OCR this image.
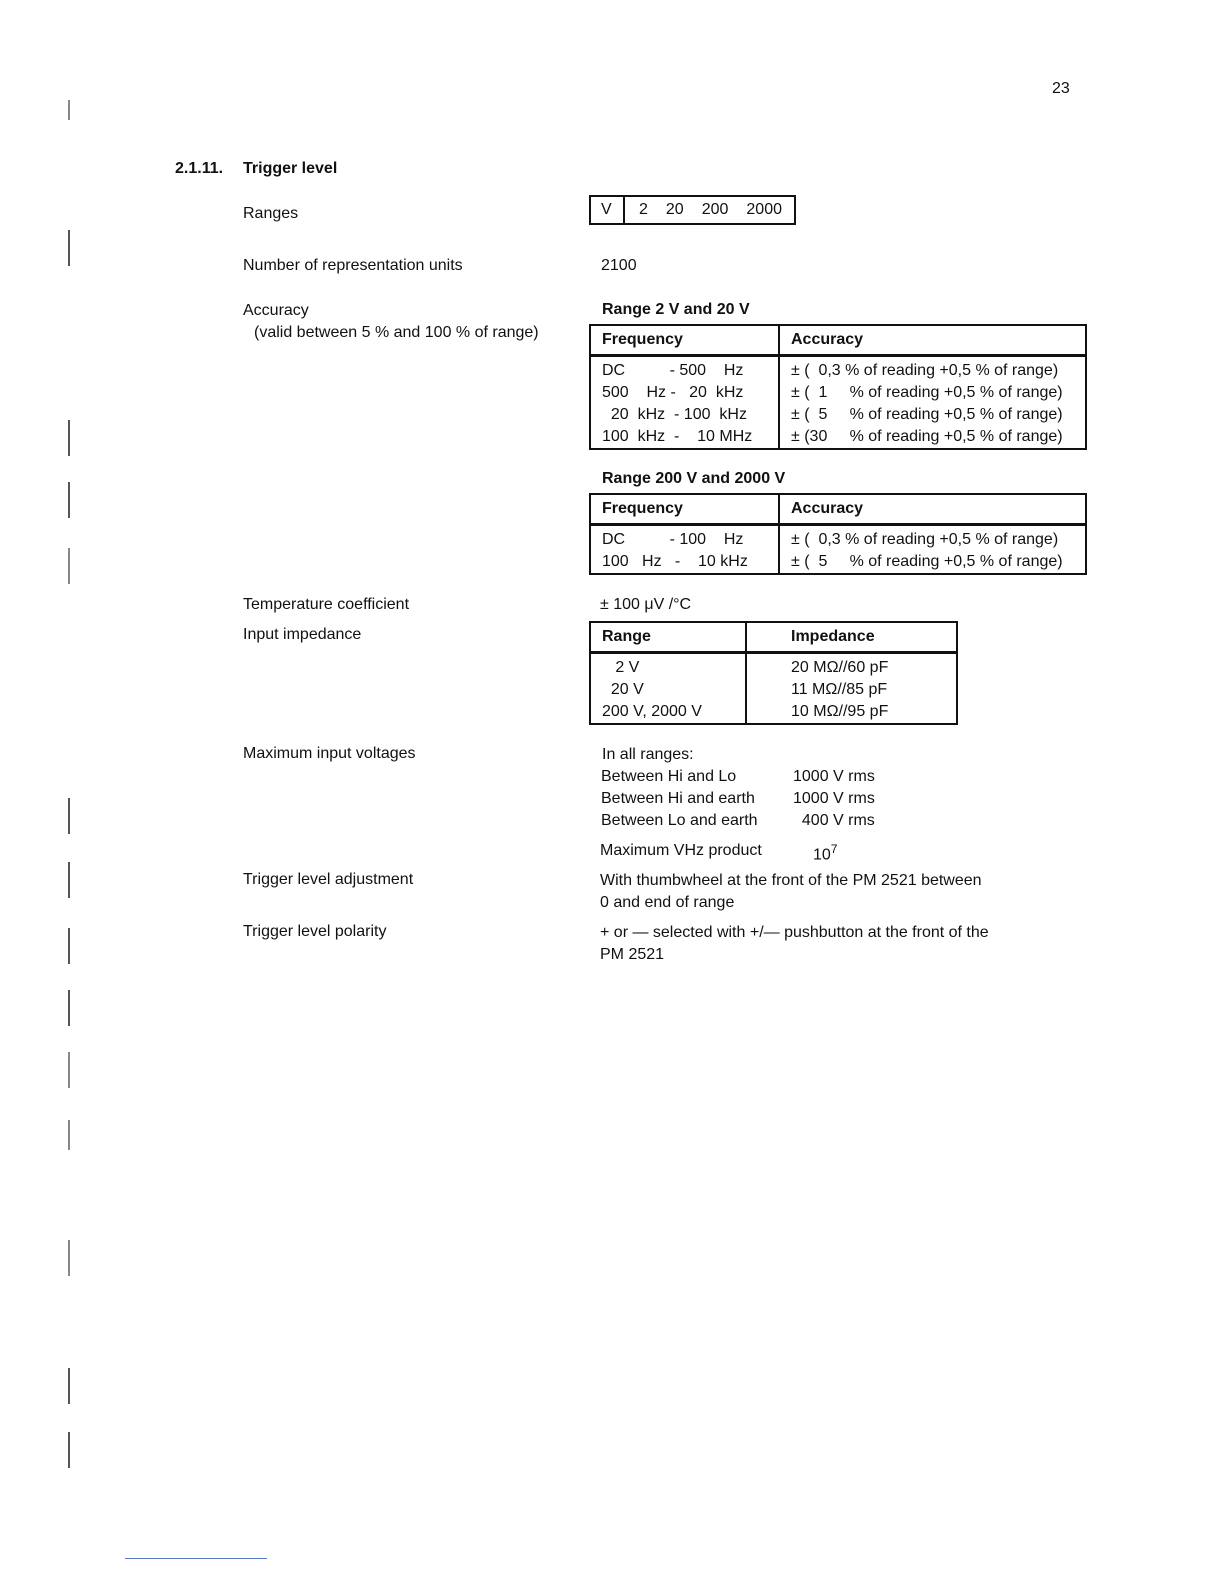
23
2.1.11. Trigger level
Ranges	V	2 20 200 2000
Number of representation units	2100
Accuracy
(valid between 5 % and 100 % of range)
Range 2 V and 20 V
Frequency	Accuracy
DC          - 500    Hz	± (  0,3 % of reading +0,5 % of range)
500    Hz -   20  kHz	± (  1     % of reading +0,5 % of range)
20  kHz  - 100  kHz	± (  5     % of reading +0,5 % of range)
100  kHz  -    10 MHz	± (30     % of reading +0,5 % of range)
Range 200 V and 2000 V
Frequency	Accuracy
DC          - 100    Hz	± (  0,3 % of reading +0,5 % of range)
100   Hz   -    10 kHz	± (  5     % of reading +0,5 % of range)
Temperature coefficient	± 100 μV /°C
Input impedance	Range	Impedance
2 V	20 MΩ//60 pF
20 V	11 MΩ//85 pF
200 V, 2000 V	10 MΩ//95 pF
Maximum input voltages	In all ranges:
Between Hi and Lo	1000 V rms
Between Hi and earth 1000 V rms
Between Lo and earth 400 V rms
Maximum VHz product	$10^7$
Trigger level adjustment	With thumbwheel at the front of the PM 2521 between
0 and end of range
Trigger level polarity	+ or — selected with +/— pushbutton at the front of the
PM 2521
